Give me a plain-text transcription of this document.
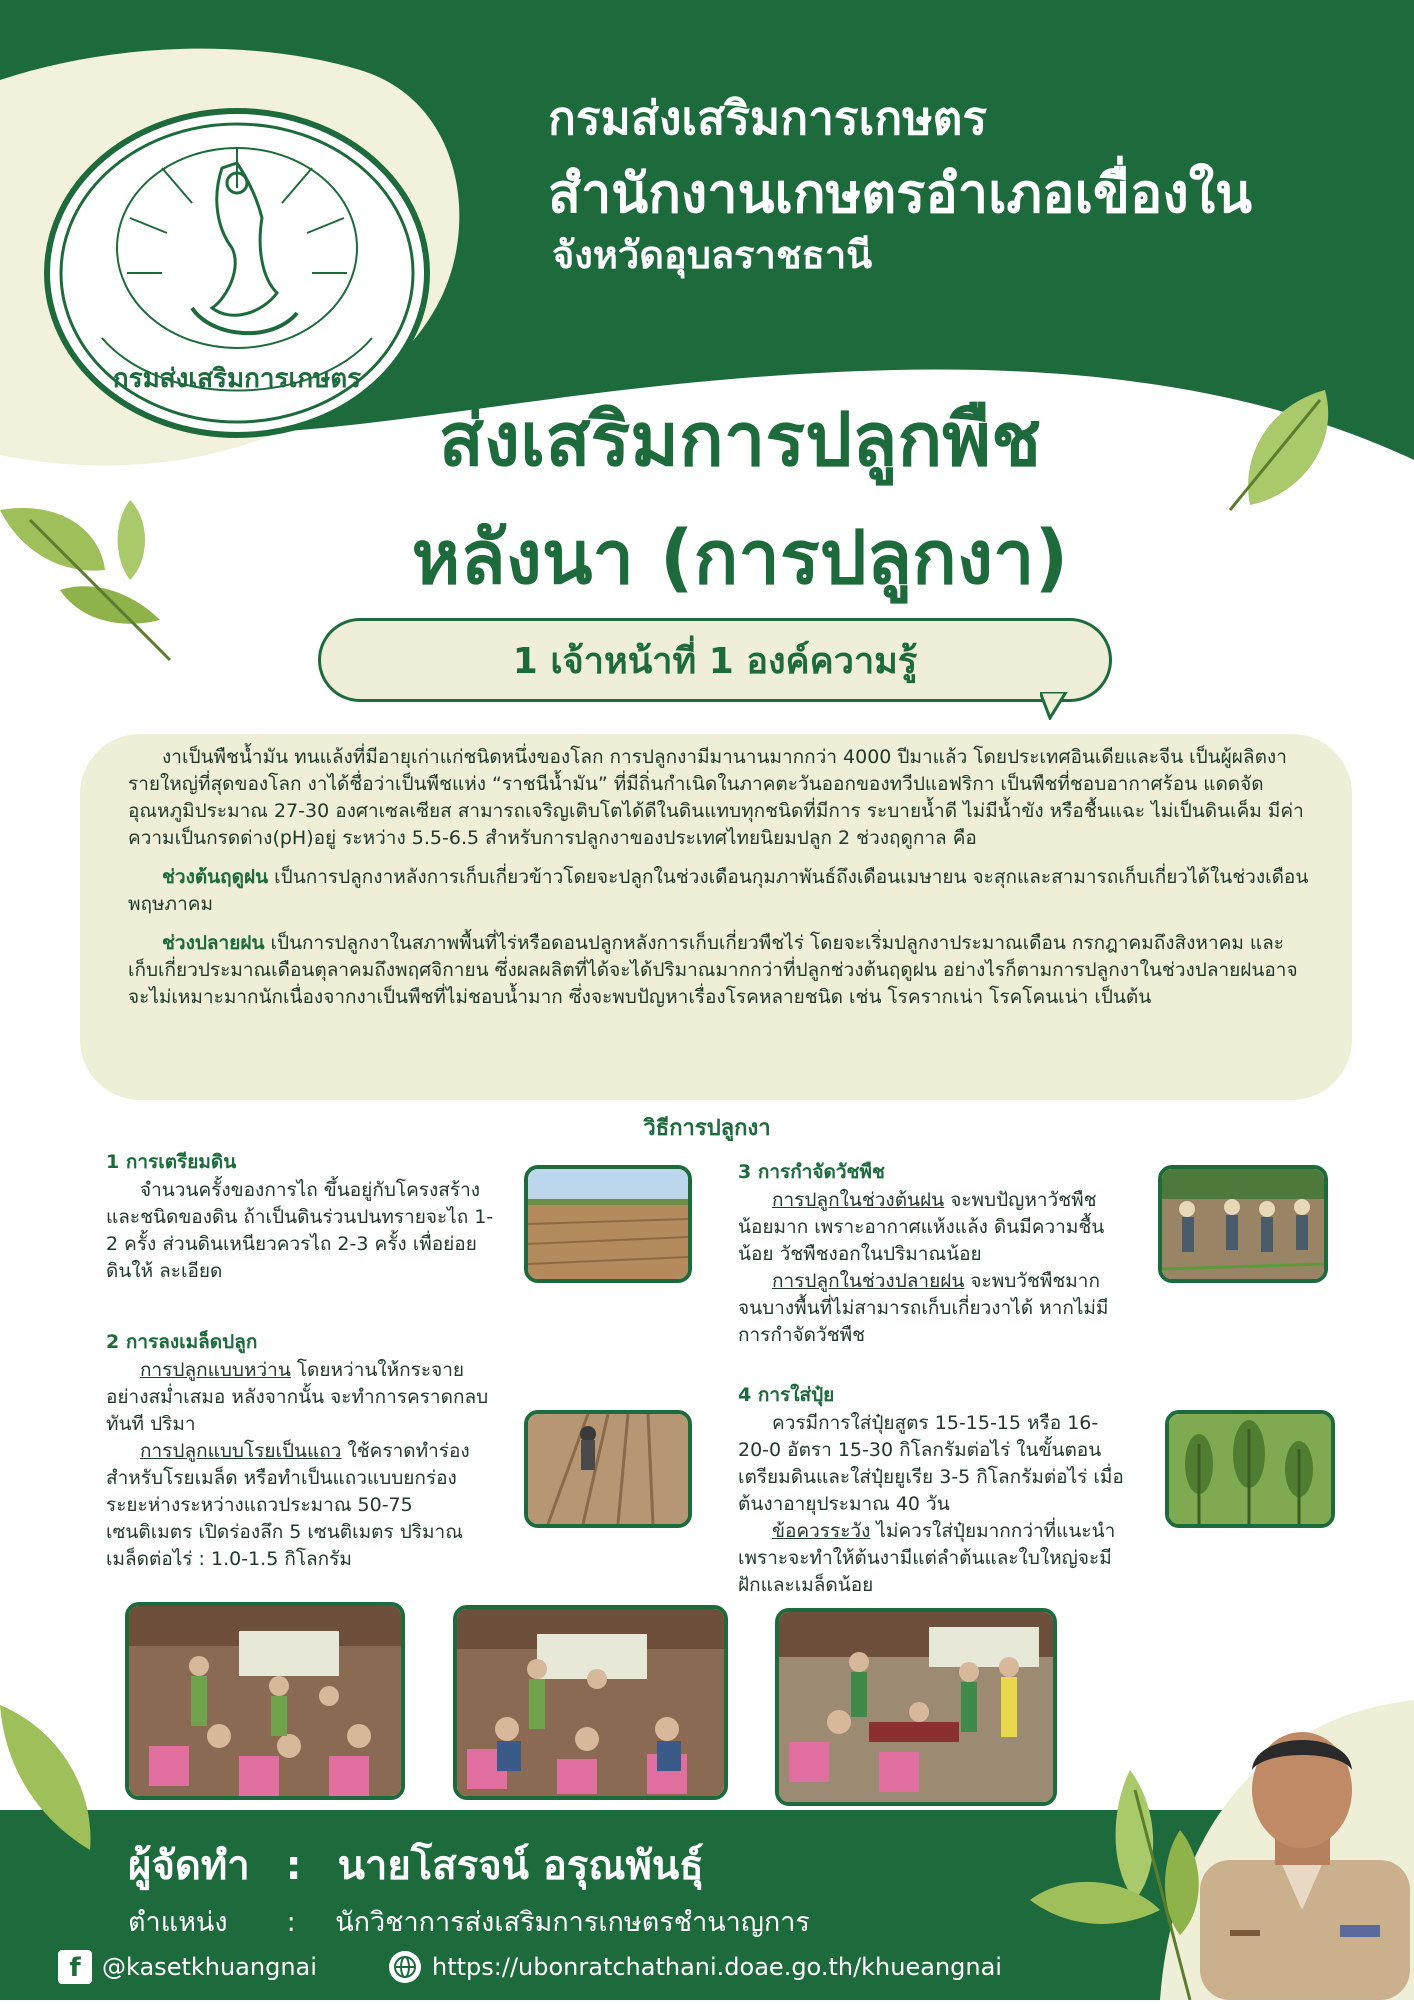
กรมส่งเสริมการเกษตร
กรมส่งเสริมการเกษตร
สำนักงานเกษตรอำเภอเขื่องใน
จังหวัดอุบลราชธานี
ส่งเสริมการปลูกพืช
หลังนา (การปลูกงา)
1 เจ้าหน้าที่ 1 องค์ความรู้

งาเป็นพืชน้ำมัน ทนแล้งที่มีอายุเก่าแก่ชนิดหนึ่งของโลก การปลูกงามีมานานมากกว่า 4000 ปีมาแล้ว โดยประเทศอินเดียและจีน เป็นผู้ผลิตงารายใหญ่ที่สุดของโลก งาได้ชื่อว่าเป็นพืชแห่ง “ราชนีน้ำมัน” ที่มีถิ่นกำเนิดในภาคตะวันออกของทวีปแอฟริกา เป็นพืชที่ชอบอากาศร้อน แดดจัด อุณหภูมิประมาณ 27-30 องศาเซลเซียส สามารถเจริญเติบโตได้ดีในดินแทบทุกชนิดที่มีการ ระบายน้ำดี ไม่มีน้ำขัง หรือชื้นแฉะ ไม่เป็นดินเค็ม มีค่าความเป็นกรดด่าง(pH)อยู่ ระหว่าง 5.5-6.5 สำหรับการปลูกงาของประเทศไทยนิยมปลูก 2 ช่วงฤดูกาล คือ

ช่วงต้นฤดูฝน เป็นการปลูกงาหลังการเก็บเกี่ยวข้าวโดยจะปลูกในช่วงเดือนกุมภาพันธ์ถึงเดือนเมษายน จะสุกและสามารถเก็บเกี่ยวได้ในช่วงเดือนพฤษภาคม

ช่วงปลายฝน เป็นการปลูกงาในสภาพพื้นที่ไร่หรือดอนปลูกหลังการเก็บเกี่ยวพืชไร่ โดยจะเริ่มปลูกงาประมาณเดือน กรกฎาคมถึงสิงหาคม และเก็บเกี่ยวประมาณเดือนตุลาคมถึงพฤศจิกายน ซึ่งผลผลิตที่ได้จะได้ปริมาณมากกว่าที่ปลูกช่วงต้นฤดูฝน อย่างไรก็ตามการปลูกงาในช่วงปลายฝนอาจจะไม่เหมาะมากนักเนื่องจากงาเป็นพืชที่ไม่ชอบน้ำมาก ซึ่งจะพบปัญหาเรื่องโรคหลายชนิด เช่น โรครากเน่า โรคโคนเน่า เป็นต้น

วิธีการปลูกงา
1 การเตรียมดิน
จำนวนครั้งของการไถ ขึ้นอยู่กับโครงสร้างและชนิดของดิน ถ้าเป็นดินร่วนปนทรายจะไถ 1-2 ครั้ง ส่วนดินเหนียวควรไถ 2-3 ครั้ง เพื่อย่อยดินให้ ละเอียด
2 การลงเมล็ดปลูก

การปลูกแบบหว่าน โดยหว่านให้กระจายอย่างสม่ำเสมอ หลังจากนั้น จะทำการคราดกลบทันที ปริมา

การปลูกแบบโรยเป็นแถว ใช้คราดทำร่องสำหรับโรยเมล็ด หรือทำเป็นแถวแบบยกร่อง ระยะห่างระหว่างแถวประมาณ 50-75 เซนติเมตร เปิดร่องลึก 5 เซนติเมตร ปริมาณเมล็ดต่อไร่ : 1.0-1.5 กิโลกรัม

3 การกำจัดวัชพืช

การปลูกในช่วงต้นฝน จะพบปัญหาวัชพืชน้อยมาก เพราะอากาศแห้งแล้ง ดินมีความชื้นน้อย วัชพืชงอกในปริมาณน้อย

การปลูกในช่วงปลายฝน จะพบวัชพืชมาก จนบางพื้นที่ไม่สามารถเก็บเกี่ยวงาได้ หากไม่มีการกำจัดวัชพืช

4 การใส่ปุ๋ย

ควรมีการใส่ปุ๋ยสูตร 15-15-15 หรือ 16-20-0 อัตรา 15-30 กิโลกรัมต่อไร่ ในขั้นตอนเตรียมดินและใส่ปุ๋ยยูเรีย 3-5 กิโลกรัมต่อไร่ เมื่อต้นงาอายุประมาณ 40 วัน

ข้อควรระวัง ไม่ควรใส่ปุ๋ยมากกว่าที่แนะนำ เพราะจะทำให้ต้นงามีแต่ลำต้นและใบใหญ่จะมีฝักและเมล็ดน้อย

ผู้จัดทำ : นายโสรจน์ อรุณพันธุ์
ตำแหน่ง : นักวิชาการส่งเสริมการเกษตรชำนาญการ
f @kasetkhuangnai	https://ubonratchathani.doae.go.th/khueangnai
